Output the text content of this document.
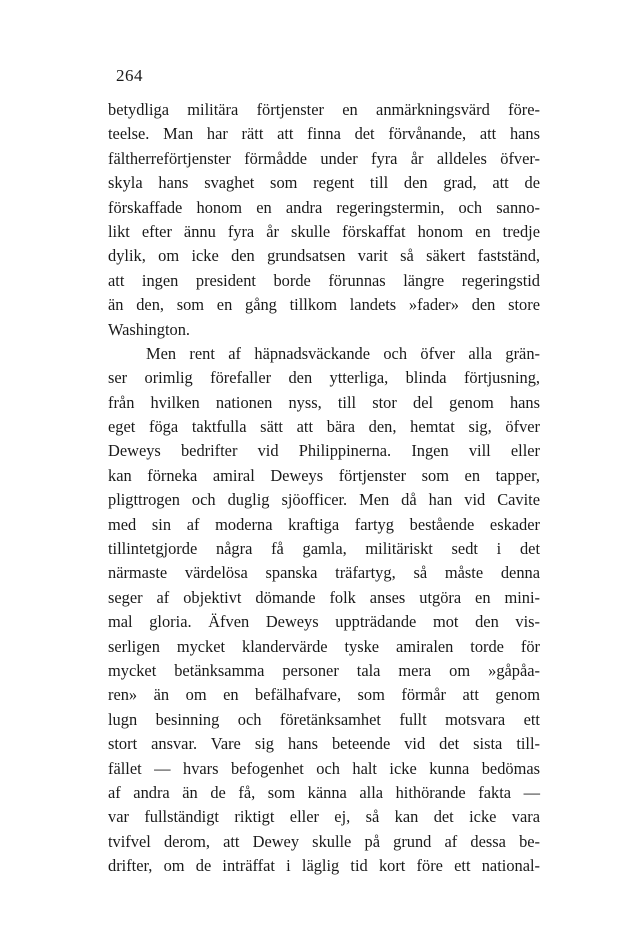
264
betydliga militära förtjenster en anmärkningsvärd före-
teelse. Man har rätt att finna det förvånande, att hans
fältherreförtjenster förmådde under fyra år alldeles öfver-
skyla hans svaghet som regent till den grad, att de
förskaffade honom en andra regeringstermin, och sanno-
likt efter ännu fyra år skulle förskaffat honom en tredje
dylik, om icke den grundsatsen varit så säkert fastständ,
att ingen president borde förunnas längre regeringstid
än den, som en gång tillkom landets »fader» den store
Washington.
Men rent af häpnadsväckande och öfver alla grän-
ser orimlig förefaller den ytterliga, blinda förtjusning,
från hvilken nationen nyss, till stor del genom hans
eget föga taktfulla sätt att bära den, hemtat sig, öfver
Deweys bedrifter vid Philippinerna. Ingen vill eller
kan förneka amiral Deweys förtjenster som en tapper,
pligttrogen och duglig sjöofficer. Men då han vid Cavite
med sin af moderna kraftiga fartyg bestående eskader
tillintetgjorde några få gamla, militäriskt sedt i det
närmaste värdelösa spanska träfartyg, så måste denna
seger af objektivt dömande folk anses utgöra en mini-
mal gloria. Äfven Deweys uppträdande mot den vis-
serligen mycket klandervärde tyske amiralen torde för
mycket betänksamma personer tala mera om »gåpåa-
ren» än om en befälhafvare, som förmår att genom
lugn besinning och företänksamhet fullt motsvara ett
stort ansvar. Vare sig hans beteende vid det sista till-
fället — hvars befogenhet och halt icke kunna bedömas
af andra än de få, som känna alla hithörande fakta —
var fullständigt riktigt eller ej, så kan det icke vara
tvifvel derom, att Dewey skulle på grund af dessa be-
drifter, om de inträffat i läglig tid kort före ett national-
